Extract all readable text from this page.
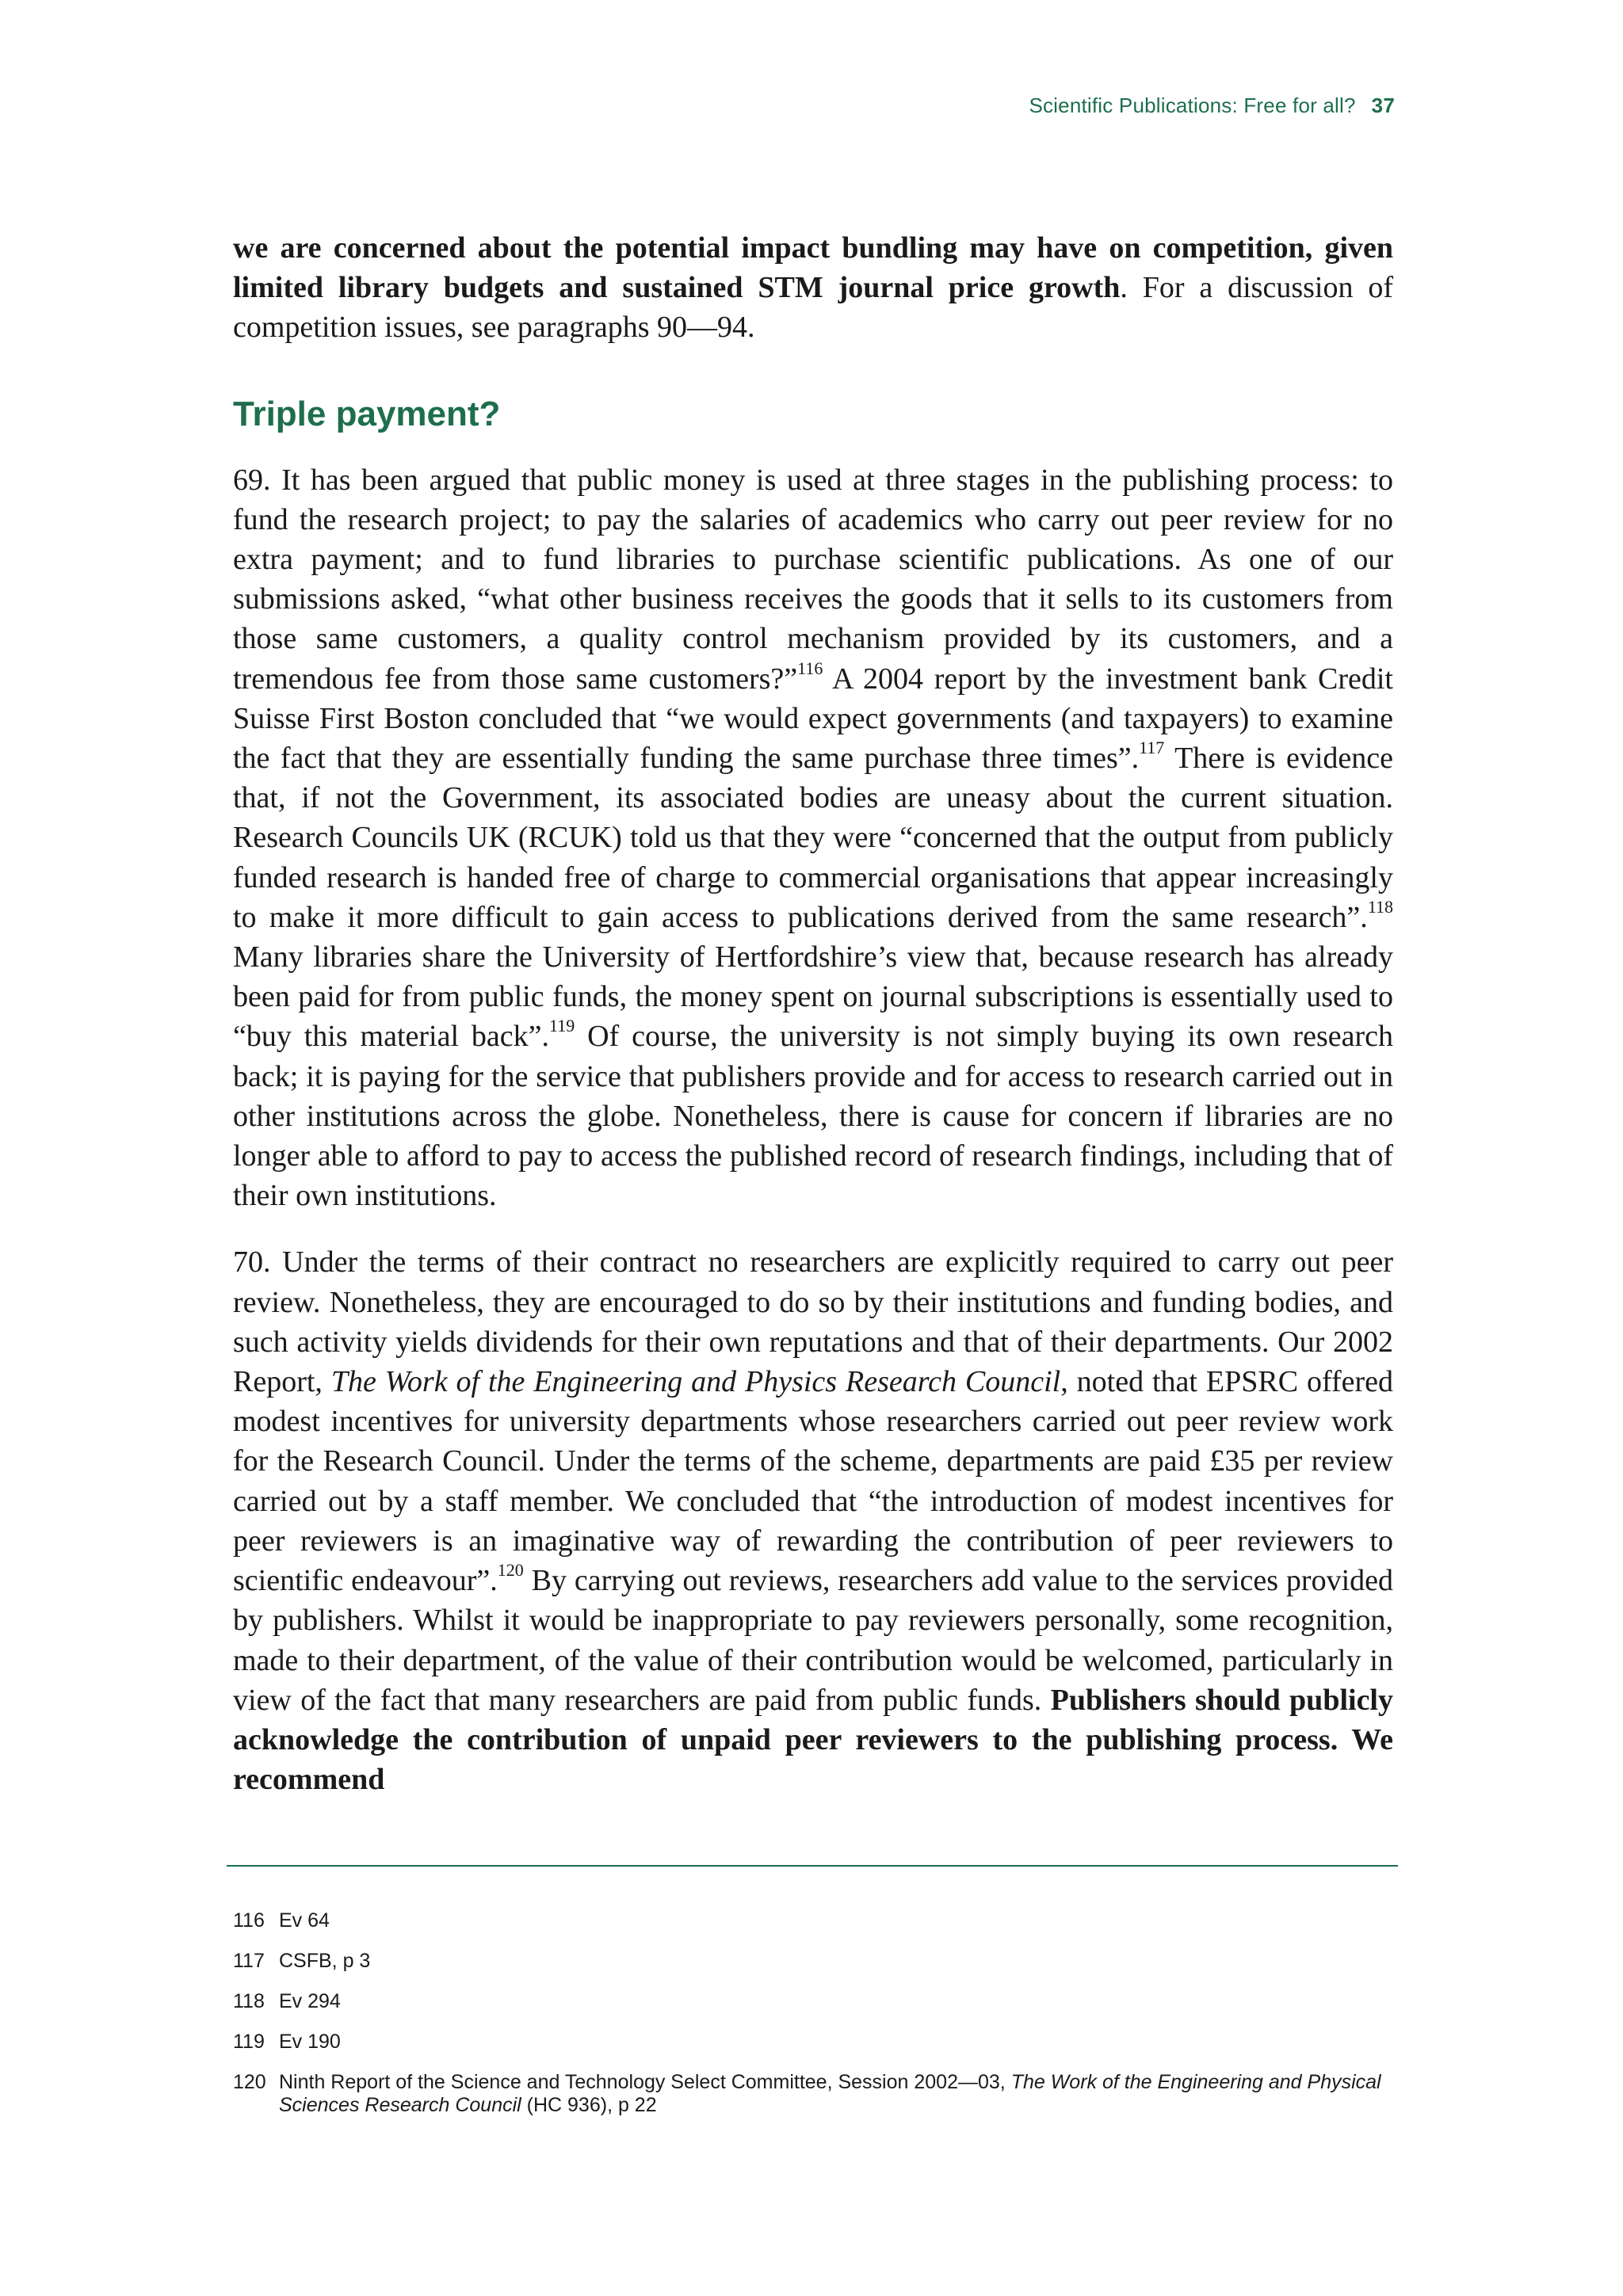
Scientific Publications: Free for all? 37

we are concerned about the potential impact bundling may have on competition, given limited library budgets and sustained STM journal price growth. For a discussion of competition issues, see paragraphs 90—94.

Triple payment?

69. It has been argued that public money is used at three stages in the publishing process: to fund the research project; to pay the salaries of academics who carry out peer review for no extra payment; and to fund libraries to purchase scientific publications. As one of our submissions asked, “what other business receives the goods that it sells to its customers from those same customers, a quality control mechanism provided by its customers, and a tremendous fee from those same customers?”$^{116}$ A 2004 report by the investment bank Credit Suisse First Boston concluded that “we would expect governments (and taxpayers) to examine the fact that they are essentially funding the same purchase three times”.$^{117}$ There is evidence that, if not the Government, its associated bodies are uneasy about the current situation. Research Councils UK (RCUK) told us that they were “concerned that the output from publicly funded research is handed free of charge to commercial organisations that appear increasingly to make it more difficult to gain access to publications derived from the same research”.$^{118}$ Many libraries share the University of Hertfordshire’s view that, because research has already been paid for from public funds, the money spent on journal subscriptions is essentially used to “buy this material back”.$^{119}$ Of course, the university is not simply buying its own research back; it is paying for the service that publishers provide and for access to research carried out in other institutions across the globe. Nonetheless, there is cause for concern if libraries are no longer able to afford to pay to access the published record of research findings, including that of their own institutions.

70. Under the terms of their contract no researchers are explicitly required to carry out peer review. Nonetheless, they are encouraged to do so by their institutions and funding bodies, and such activity yields dividends for their own reputations and that of their departments. Our 2002 Report, The Work of the Engineering and Physics Research Council, noted that EPSRC offered modest incentives for university departments whose researchers carried out peer review work for the Research Council. Under the terms of the scheme, departments are paid £35 per review carried out by a staff member. We concluded that “the introduction of modest incentives for peer reviewers is an imaginative way of rewarding the contribution of peer reviewers to scientific endeavour”.$^{120}$ By carrying out reviews, researchers add value to the services provided by publishers. Whilst it would be inappropriate to pay reviewers personally, some recognition, made to their department, of the value of their contribution would be welcomed, particularly in view of the fact that many researchers are paid from public funds. Publishers should publicly acknowledge the contribution of unpaid peer reviewers to the publishing process. We recommend

116 Ev 64
117 CSFB, p 3
118 Ev 294
119 Ev 190
120 Ninth Report of the Science and Technology Select Committee, Session 2002—03, The Work of the Engineering and Physical Sciences Research Council (HC 936), p 22
